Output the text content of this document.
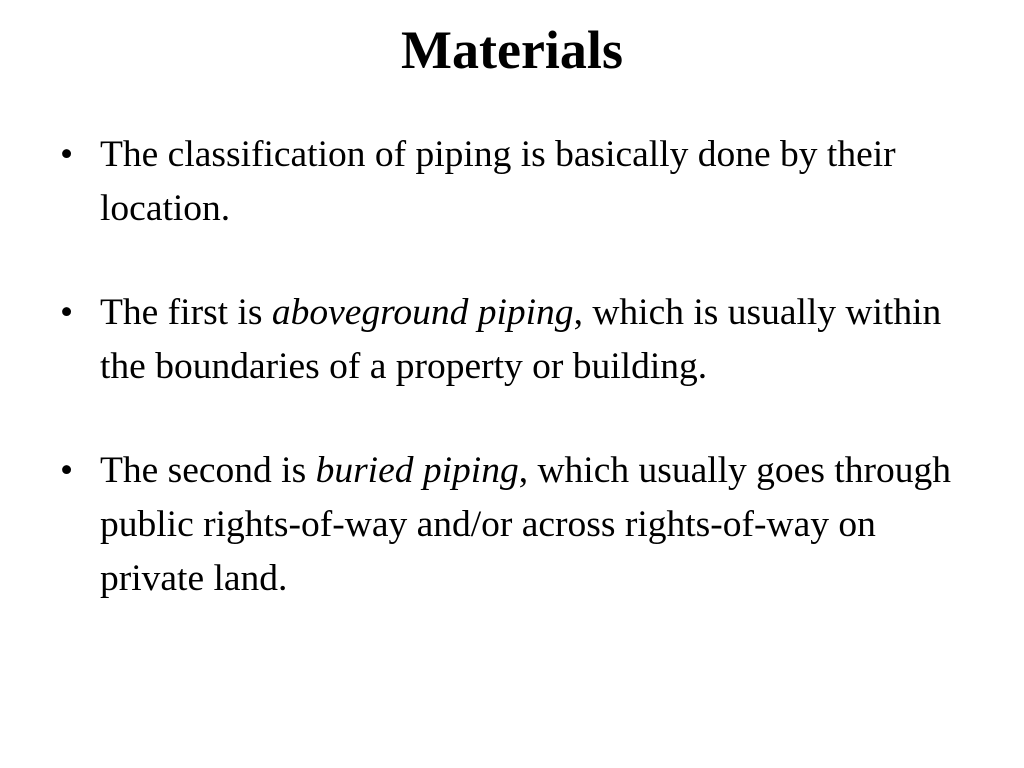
Materials
• The classification of piping is basically done by their location.
• The first is aboveground piping, which is usually within the boundaries of a property or building.
• The second is buried piping, which usually goes through public rights-of-way and/or across rights-of-way on private land.
